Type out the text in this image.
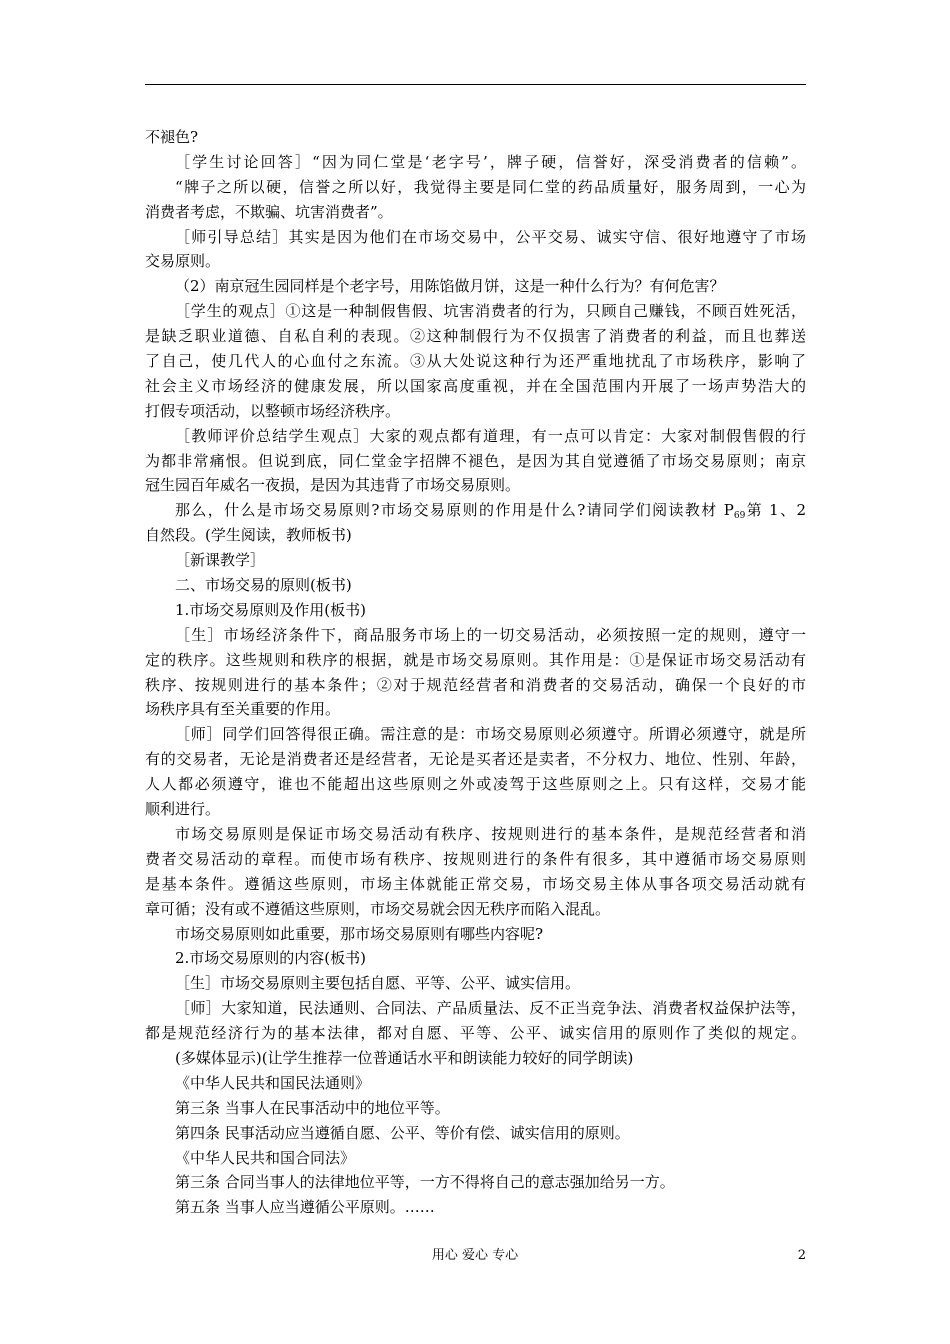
不褪色?
［学生讨论回答］“因为同仁堂是‘老字号’，牌子硬，信誉好，深受消费者的信赖”。
“牌子之所以硬，信誉之所以好，我觉得主要是同仁堂的药品质量好，服务周到，一心为
消费者考虑，不欺骗、坑害消费者”。
［师引导总结］其实是因为他们在市场交易中，公平交易、诚实守信、很好地遵守了市场
交易原则。
（2）南京冠生园同样是个老字号，用陈馅做月饼，这是一种什么行为？有何危害？
［学生的观点］①这是一种制假售假、坑害消费者的行为，只顾自己赚钱，不顾百姓死活，
是缺乏职业道德、自私自利的表现。②这种制假行为不仅损害了消费者的利益，而且也葬送
了自己，使几代人的心血付之东流。③从大处说这种行为还严重地扰乱了市场秩序，影响了
社会主义市场经济的健康发展，所以国家高度重视，并在全国范围内开展了一场声势浩大的
打假专项活动，以整顿市场经济秩序。
［教师评价总结学生观点］大家的观点都有道理，有一点可以肯定：大家对制假售假的行
为都非常痛恨。但说到底，同仁堂金字招牌不褪色，是因为其自觉遵循了市场交易原则；南京
冠生园百年威名一夜损，是因为其违背了市场交易原则。
那么，什么是市场交易原则?市场交易原则的作用是什么?请同学们阅读教材 $P_{69}$第 1、2
自然段。(学生阅读，教师板书)
［新课教学］
二、市场交易的原则(板书)
1.市场交易原则及作用(板书)
［生］市场经济条件下，商品服务市场上的一切交易活动，必须按照一定的规则，遵守一
定的秩序。这些规则和秩序的根据，就是市场交易原则。其作用是：①是保证市场交易活动有
秩序、按规则进行的基本条件；②对于规范经营者和消费者的交易活动，确保一个良好的市
场秩序具有至关重要的作用。
［师］同学们回答得很正确。需注意的是：市场交易原则必须遵守。所谓必须遵守，就是所
有的交易者，无论是消费者还是经营者，无论是买者还是卖者，不分权力、地位、性别、年龄，
人人都必须遵守，谁也不能超出这些原则之外或凌驾于这些原则之上。只有这样，交易才能
顺利进行。
市场交易原则是保证市场交易活动有秩序、按规则进行的基本条件，是规范经营者和消
费者交易活动的章程。而使市场有秩序、按规则进行的条件有很多，其中遵循市场交易原则
是基本条件。遵循这些原则，市场主体就能正常交易，市场交易主体从事各项交易活动就有
章可循；没有或不遵循这些原则，市场交易就会因无秩序而陷入混乱。
市场交易原则如此重要，那市场交易原则有哪些内容呢?
2.市场交易原则的内容(板书)
［生］市场交易原则主要包括自愿、平等、公平、诚实信用。
［师］大家知道，民法通则、合同法、产品质量法、反不正当竞争法、消费者权益保护法等，
都是规范经济行为的基本法律，都对自愿、平等、公平、诚实信用的原则作了类似的规定。
(多媒体显示)(让学生推荐一位普通话水平和朗读能力较好的同学朗读)
《中华人民共和国民法通则》
第三条 当事人在民事活动中的地位平等。
第四条 民事活动应当遵循自愿、公平、等价有偿、诚实信用的原则。
《中华人民共和国合同法》
第三条 合同当事人的法律地位平等，一方不得将自己的意志强加给另一方。
第五条 当事人应当遵循公平原则。……
用心 爱心 专心	2
